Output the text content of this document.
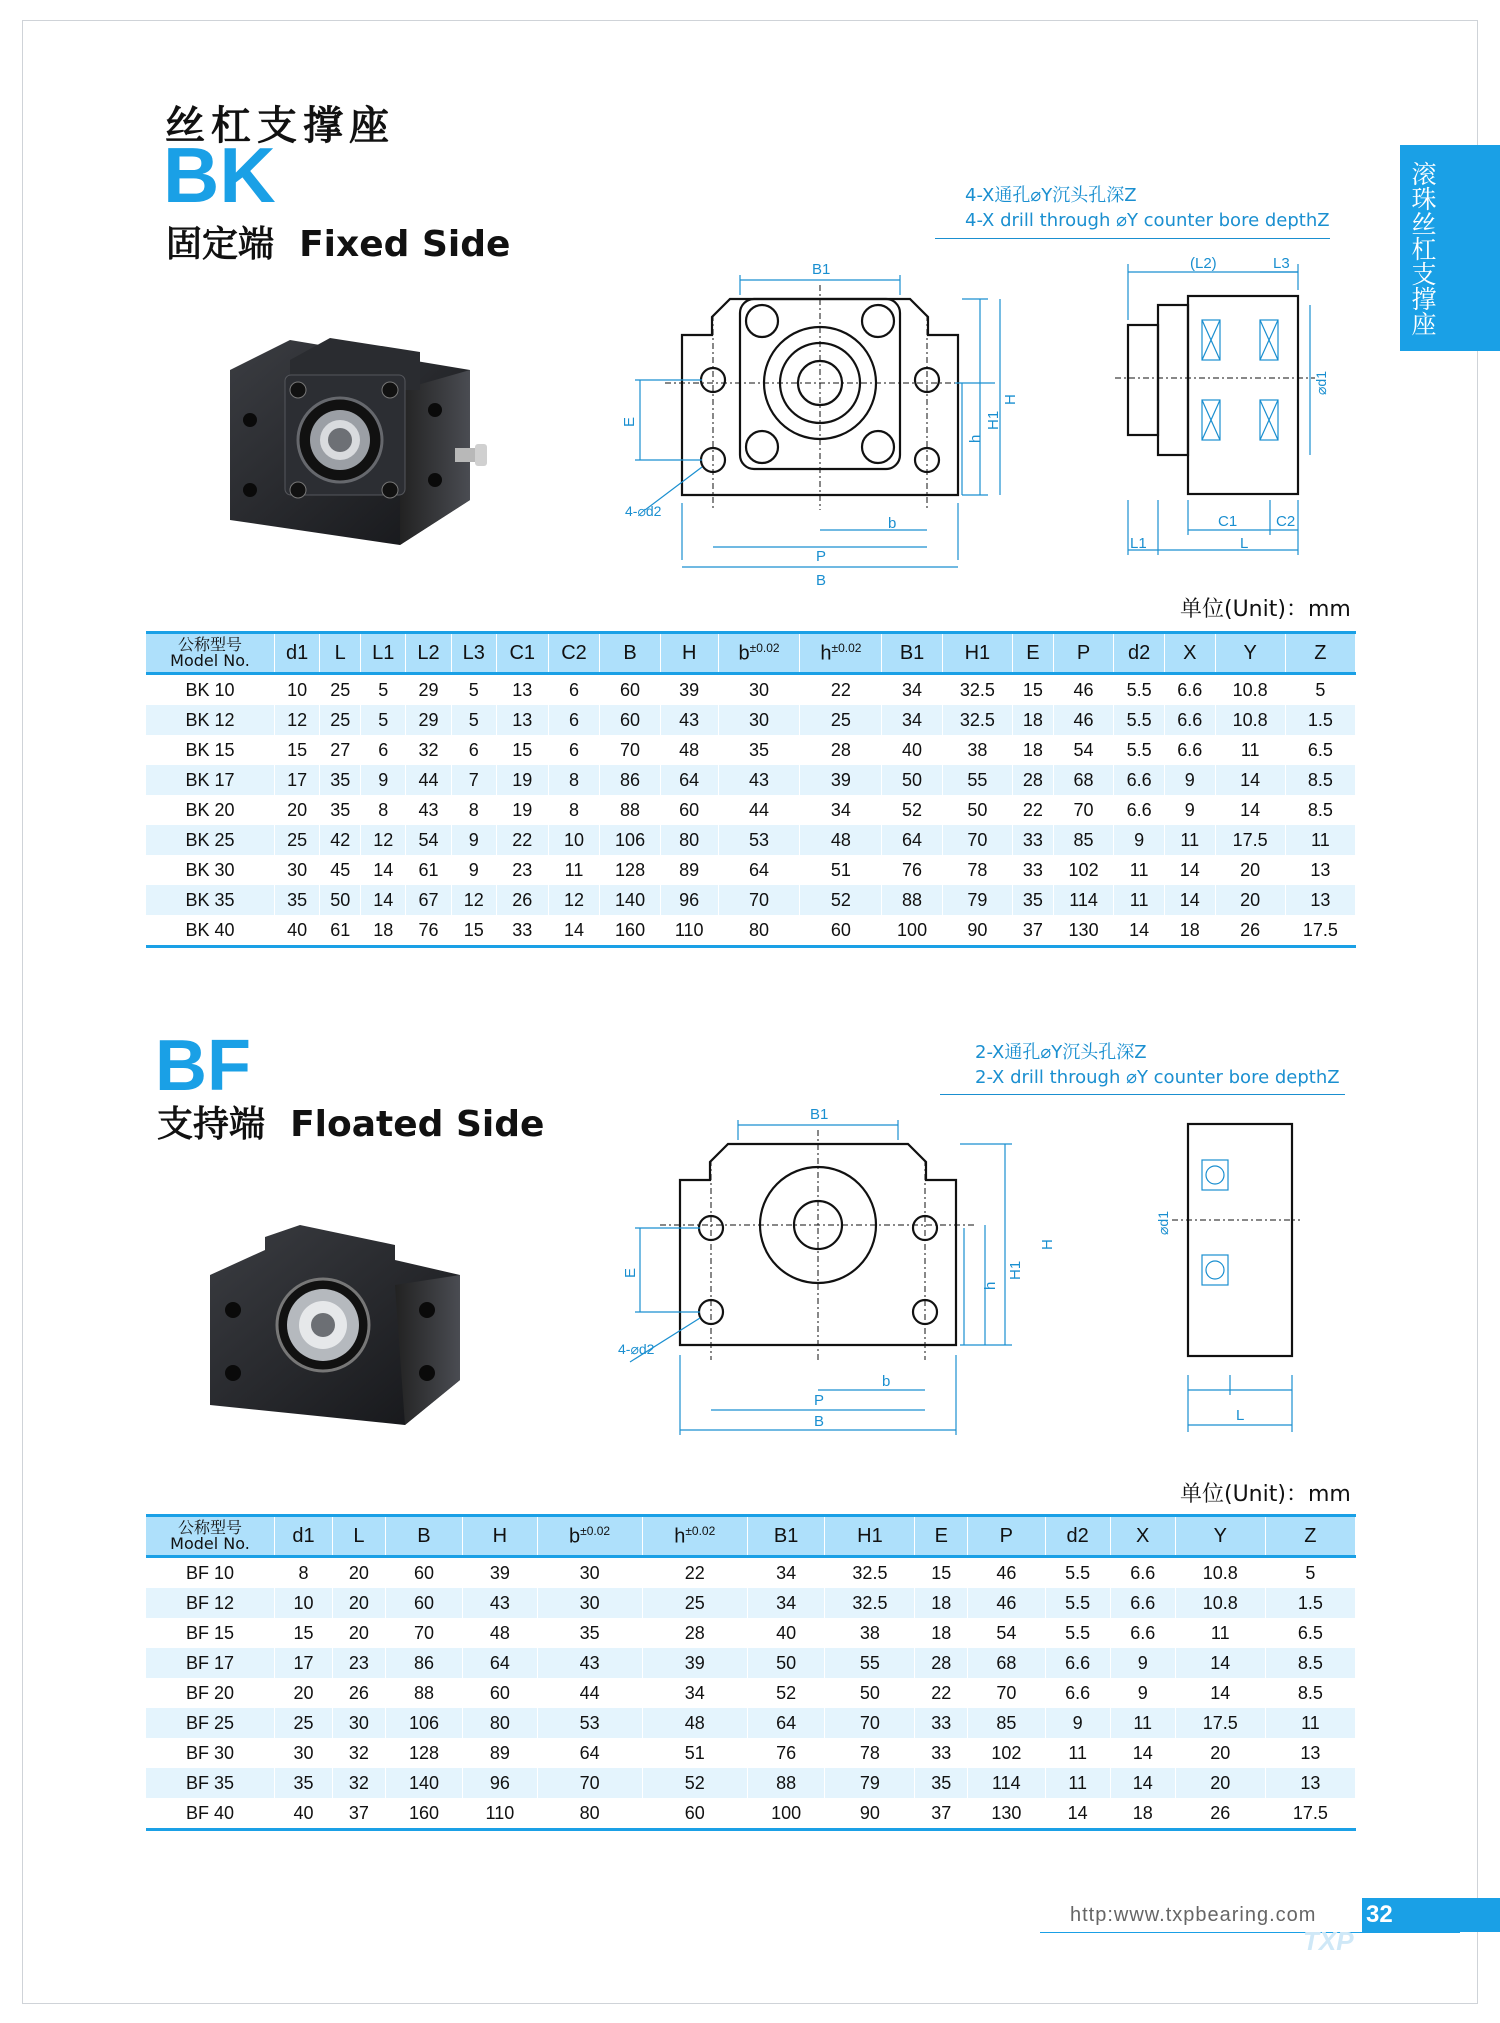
滚珠丝杠支撑座
丝杠支撑座
BK
固定端  Fixed Side
B1
B
P
b
H
H1
h
E
4-⌀d2
(L2)	L3
⌀d1
C1	C2
L1	L
4-X通孔⌀Y沉头孔深Z
4-X drill through ⌀Y counter bore depthZ
单位(Unit)：mm
公称型号
Model No.	d1	L	L1	L2	L3	C1	C2	B	H	$b^{\pm 0.02}$	$h^{\pm 0.02}$	B1	H1	E	P	d2	X	Y	Z
BK 10	10	25	5	29	5	13	6	60	39	30	22	34	32.5	15	46	5.5	6.6	10.8	5
BK 12	12	25	5	29	5	13	6	60	43	30	25	34	32.5	18	46	5.5	6.6	10.8	1.5
BK 15	15	27	6	32	6	15	6	70	48	35	28	40	38	18	54	5.5	6.6	11	6.5
BK 17	17	35	9	44	7	19	8	86	64	43	39	50	55	28	68	6.6	9	14	8.5
BK 20	20	35	8	43	8	19	8	88	60	44	34	52	50	22	70	6.6	9	14	8.5
BK 25	25	42	12	54	9	22	10	106	80	53	48	64	70	33	85	9	11	17.5	11
BK 30	30	45	14	61	9	23	11	128	89	64	51	76	78	33	102	11	14	20	13
BK 35	35	50	14	67	12	26	12	140	96	70	52	88	79	35	114	11	14	20	13
BK 40	40	61	18	76	15	33	14	160	110	80	60	100	90	37	130	14	18	26	17.5
BF
支持端  Floated Side	B1
B
P
b
H
H1
h
E
4-⌀d2
⌀d1
L
2-X通孔⌀Y沉头孔深Z
2-X drill through ⌀Y counter bore depthZ
单位(Unit)：mm
公称型号
Model No.	d1	L	B	H	$b^{\pm 0.02}$	$h^{\pm 0.02}$	B1	H1	E	P	d2	X	Y	Z
BF 10	8	20	60	39	30	22	34	32.5	15	46	5.5	6.6	10.8	5
BF 12	10	20	60	43	30	25	34	32.5	18	46	5.5	6.6	10.8	1.5
BF 15	15	20	70	48	35	28	40	38	18	54	5.5	6.6	11	6.5
BF 17	17	23	86	64	43	39	50	55	28	68	6.6	9	14	8.5
BF 20	20	26	88	60	44	34	52	50	22	70	6.6	9	14	8.5
BF 25	25	30	106	80	53	48	64	70	33	85	9	11	17.5	11
BF 30	30	32	128	89	64	51	76	78	33	102	11	14	20	13
BF 35	35	32	140	96	70	52	88	79	35	114	11	14	20	13
BF 40	40	37	160	110	80	60	100	90	37	130	14	18	26	17.5
http:www.txpbearing.com 32
TXP
